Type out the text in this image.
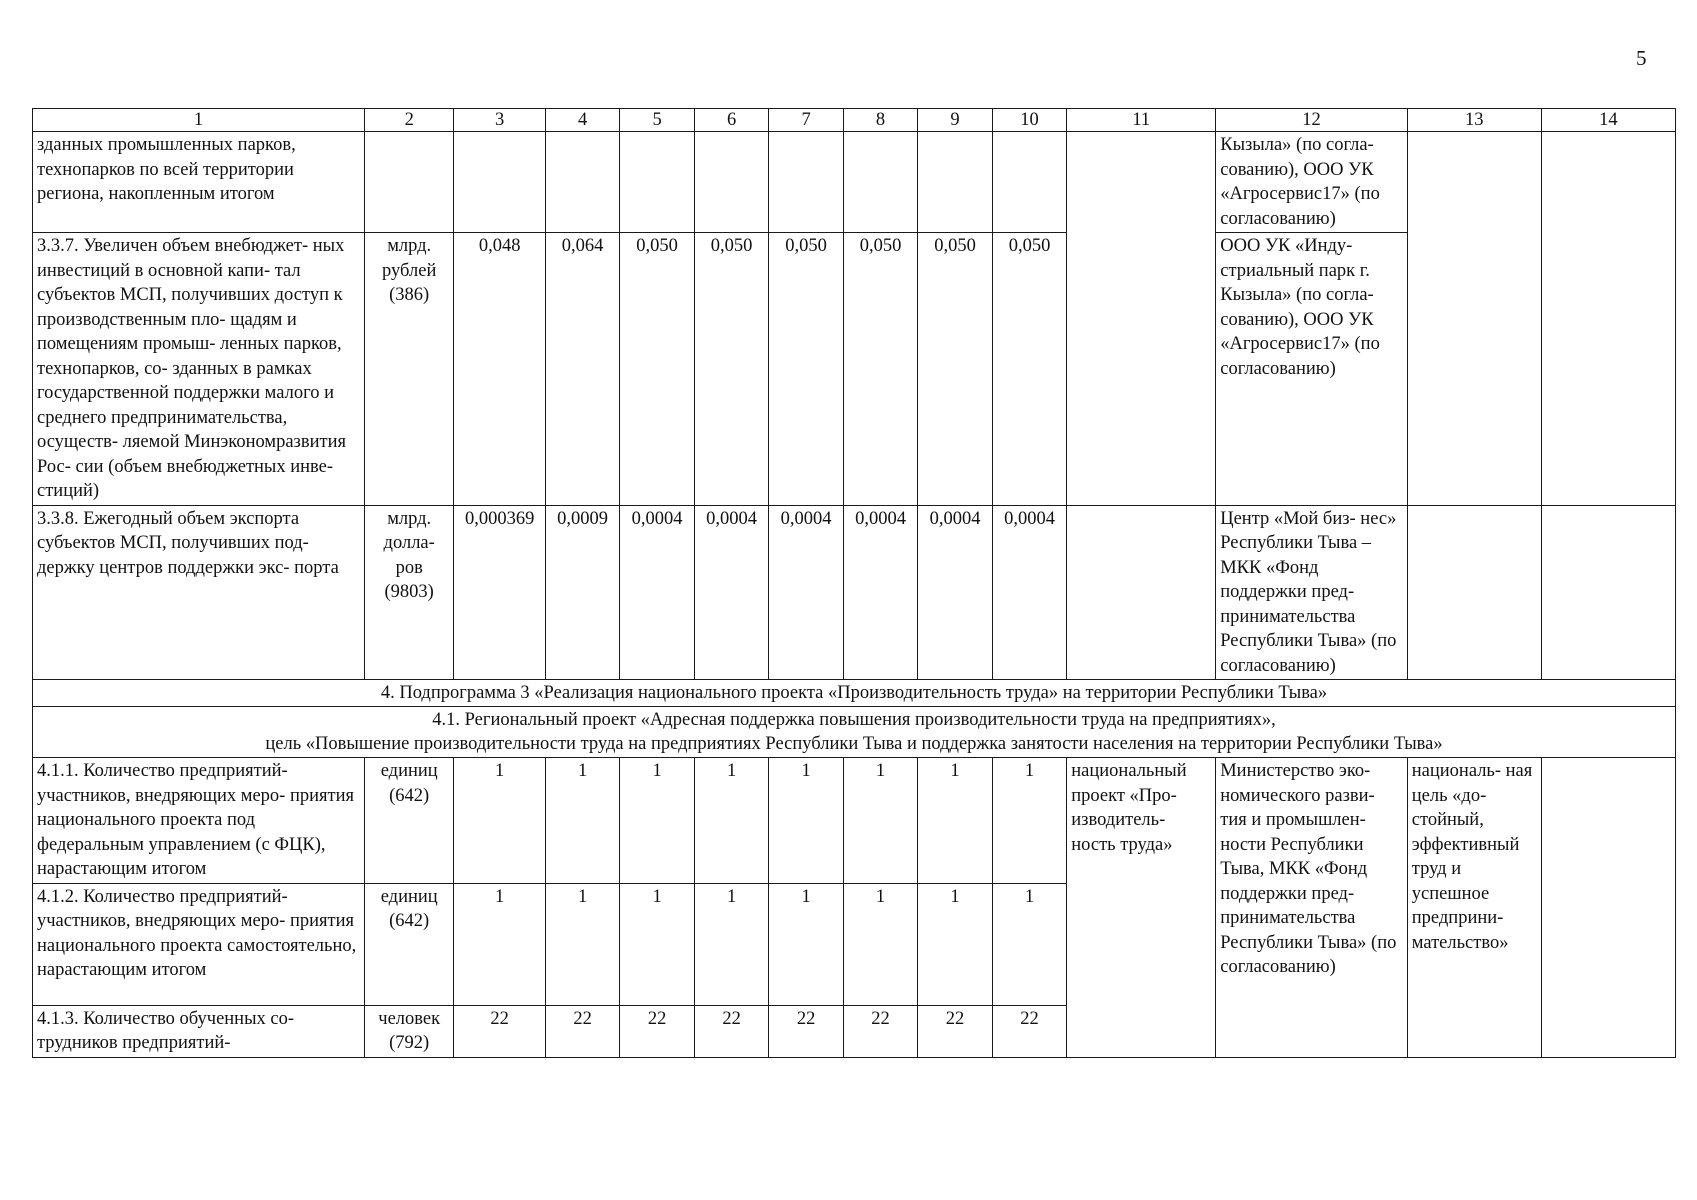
5
1	2	3	4	5	6	7	8	9	10	11	12	13	14
зданных промышленных парков, технопарков по всей территории региона, накопленным итогом											Кызыла» (по согла- сованию), ООО УК «Агросервис17» (по согласованию)		
3.3.7. Увеличен объем внебюджет- ных инвестиций в основной капи- тал субъектов МСП, получивших доступ к производственным пло- щадям и помещениям промыш- ленных парков, технопарков, со- зданных в рамках государственной поддержки малого и среднего предпринимательства, осуществ- ляемой Минэкономразвития Рос- сии (объем внебюджетных инве- стиций)	млрд. рублей (386)	0,048	0,064	0,050	0,050	0,050	0,050	0,050	0,050		ООО УК «Инду- стриальный парк г. Кызыла» (по согла- сованию), ООО УК «Агросервис17» (по согласованию)		
3.3.8. Ежегодный объем экспорта субъектов МСП, получивших под- держку центров поддержки экс- порта	млрд. долла- ров (9803)	0,000369	0,0009	0,0004	0,0004	0,0004	0,0004	0,0004	0,0004		Центр «Мой биз- нес» Республики Тыва – МКК «Фонд поддержки пред- принимательства Республики Тыва» (по согласованию)		
4. Подпрограмма 3 «Реализация национального проекта «Производительность труда» на территории Республики Тыва»													

4.1. Региональный проект «Адресная поддержка повышения производительности труда на предприятиях»,
цель «Повышение производительности труда на предприятиях Республики Тыва и поддержка занятости населения на территории Республики Тыва»													

4.1.1. Количество предприятий- участников, внедряющих меро- приятия национального проекта под федеральным управлением (с ФЦК), нарастающим итогом	единиц (642)	1	1	1	1	1	1	1	1	национальный проект «Про- изводитель- ность труда»	Министерство эко- номического разви- тия и промышлен- ности Республики Тыва, МКК «Фонд поддержки пред- принимательства Республики Тыва» (по согласованию)	националь- ная цель «до- стойный, эффективный труд и успешное предприни- мательство»	
4.1.2. Количество предприятий- участников, внедряющих меро- приятия национального проекта самостоятельно, нарастающим итогом	единиц (642)	1	1	1	1	1	1	1	1				
4.1.3. Количество обученных со- трудников предприятий-	человек (792)	22	22	22	22	22	22	22	22				
